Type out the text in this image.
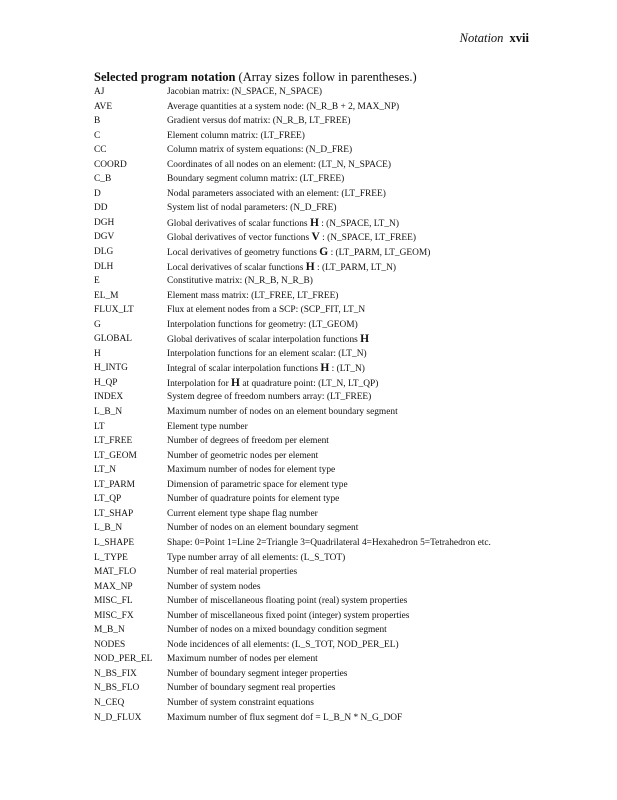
Notation xvii
Selected program notation (Array sizes follow in parentheses.)
AJ	Jacobian matrix: (N_SPACE, N_SPACE)
AVE	Average quantities at a system node: (N_R_B + 2, MAX_NP)
B	Gradient versus dof matrix: (N_R_B, LT_FREE)
C	Element column matrix: (LT_FREE)
CC	Column matrix of system equations: (N_D_FRE)
COORD	Coordinates of all nodes on an element: (LT_N, N_SPACE)
C_B	Boundary segment column matrix: (LT_FREE)
D	Nodal parameters associated with an element: (LT_FREE)
DD	System list of nodal parameters: (N_D_FRE)
DGH	Global derivatives of scalar functions H : (N_SPACE, LT_N)
DGV	Global derivatives of vector functions V : (N_SPACE, LT_FREE)
DLG	Local derivatives of geometry functions G : (LT_PARM, LT_GEOM)
DLH	Local derivatives of scalar functions H : (LT_PARM, LT_N)
E	Constitutive matrix: (N_R_B, N_R_B)
EL_M	Element mass matrix: (LT_FREE, LT_FREE)
FLUX_LT	Flux at element nodes from a SCP: (SCP_FIT, LT_N
G	Interpolation functions for geometry: (LT_GEOM)
GLOBAL	Global derivatives of scalar interpolation functions H
H	Interpolation functions for an element scalar: (LT_N)
H_INTG	Integral of scalar interpolation functions H : (LT_N)
H_QP	Interpolation for H at quadrature point: (LT_N, LT_QP)
INDEX	System degree of freedom numbers array: (LT_FREE)
L_B_N	Maximum number of nodes on an element boundary segment
LT	Element type number
LT_FREE	Number of degrees of freedom per element
LT_GEOM	Number of geometric nodes per element
LT_N	Maximum number of nodes for element type
LT_PARM	Dimension of parametric space for element type
LT_QP	Number of quadrature points for element type
LT_SHAP	Current element type shape flag number
L_B_N	Number of nodes on an element boundary segment
L_SHAPE	Shape: 0=Point 1=Line 2=Triangle 3=Quadrilateral 4=Hexahedron 5=Tetrahedron etc.
L_TYPE	Type number array of all elements: (L_S_TOT)
MAT_FLO	Number of real material properties
MAX_NP	Number of system nodes
MISC_FL	Number of miscellaneous floating point (real) system properties
MISC_FX	Number of miscellaneous fixed point (integer) system properties
M_B_N	Number of nodes on a mixed boundagy condition segment
NODES	Node incidences of all elements: (L_S_TOT, NOD_PER_EL)
NOD_PER_EL	Maximum number of nodes per element
N_BS_FIX	Number of boundary segment integer properties
N_BS_FLO	Number of boundary segment real properties
N_CEQ	Number of system constraint equations
N_D_FLUX	Maximum number of flux segment dof = L_B_N * N_G_DOF
